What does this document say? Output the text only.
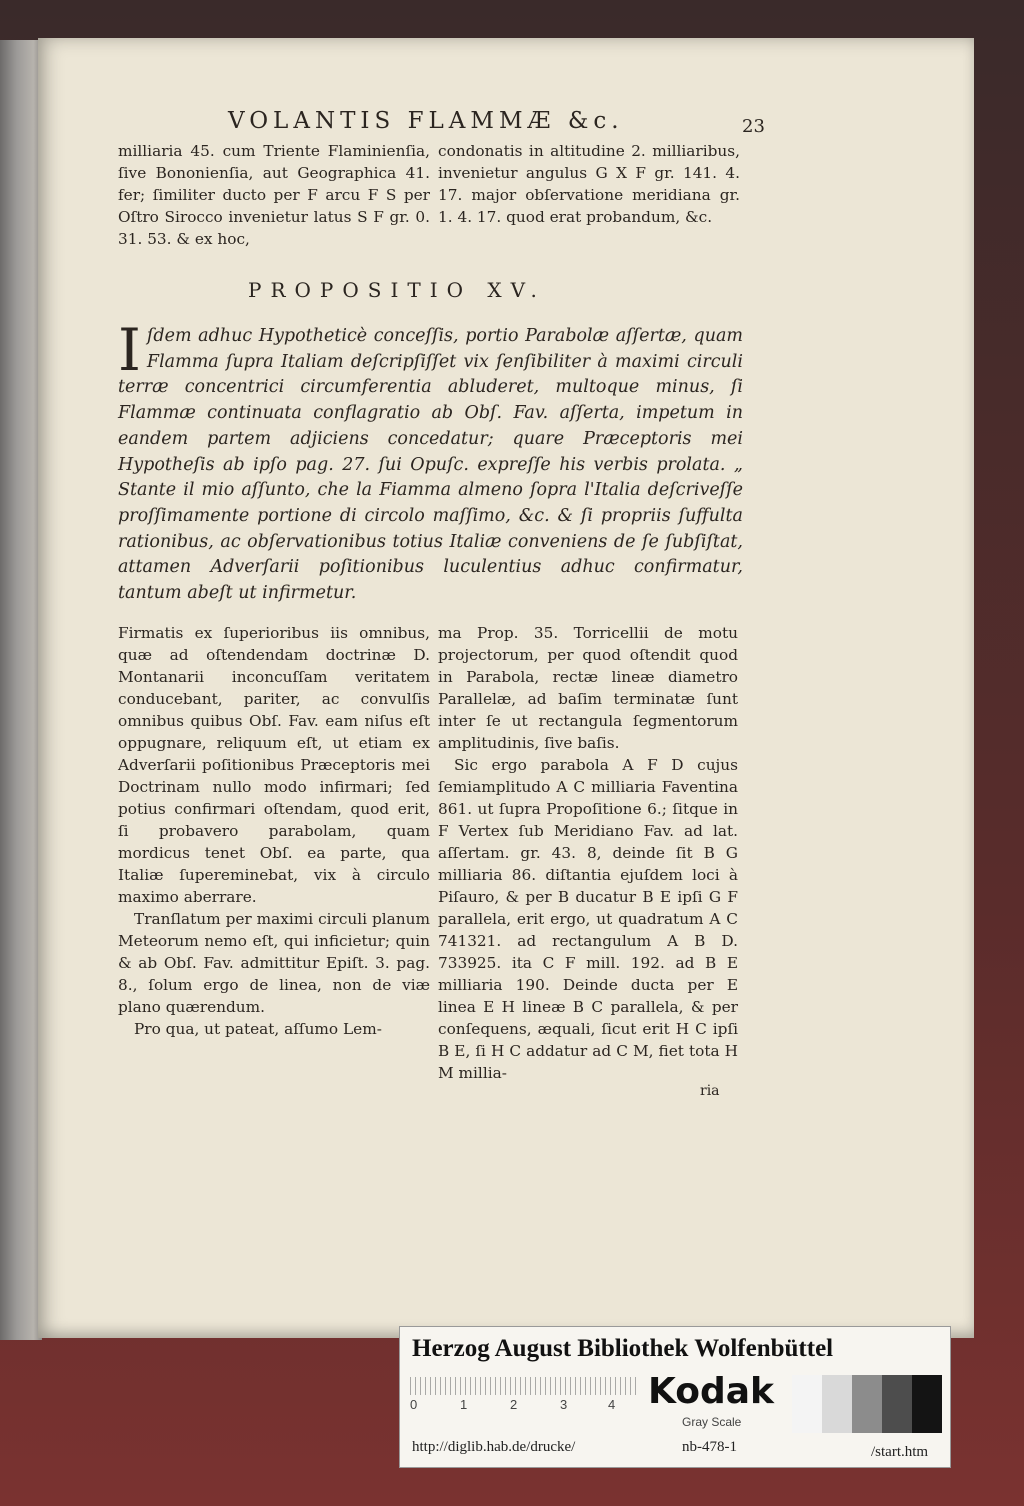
VOLANTIS FLAMMÆ &c.	23

milliaria 45. cum Triente Flaminienſia, ſive Bononienſia, aut Geographica 41. fer; ſimiliter ducto per F arcu F S per Oſtro Sirocco invenietur latus S F gr. 0. 31. 53. & ex hoc,

condonatis in altitudine 2. milliaribus, invenietur angulus G X F gr. 141. 4. 17. major obſervatione meridiana gr. 1. 4. 17. quod erat probandum, &c.

PROPOSITIO XV.
Iſdem adhuc Hypotheticè conceſſis, portio Parabolæ aſſertæ, quam Flamma ſupra Italiam deſcripſiſſet vix ſenſibiliter à maximi circuli terræ concentrici circumferentia abluderet, multoque minus, ſi Flammæ continuata conflagratio ab Obſ. Fav. aſſerta, impetum in eandem partem adjiciens concedatur; quare Præceptoris mei Hypotheſis ab ipſo pag. 27. ſui Opuſc. expreſſe his verbis prolata. „ Stante il mio aſſunto, che la Fiamma almeno ſopra l'Italia deſcriveſſe proſſimamente portione di circolo maſſimo, &c. & ſi propriis ſuffulta rationibus, ac obſervationibus totius Italiæ conveniens de ſe ſubſiſtat, attamen Adverſarii poſitionibus luculentius adhuc confirmatur, tantum abeſt ut infirmetur.

Firmatis ex ſuperioribus iis omnibus, quæ ad oſtendendam doctrinæ D. Montanarii inconcuſſam veritatem conducebant, pariter, ac convulſis omnibus quibus Obſ. Fav. eam niſus eſt oppugnare, reliquum eſt, ut etiam ex Adverſarii poſitionibus Præceptoris mei Doctrinam nullo modo infirmari; ſed potius confirmari oſtendam, quod erit, ſi probavero parabolam, quam mordicus tenet Obſ. ea parte, qua Italiæ ſupereminebat, vix à circulo maximo aberrare.

Tranſlatum per maximi circuli planum Meteorum nemo eſt, qui inficietur; quin & ab Obſ. Fav. admittitur Epiſt. 3. pag. 8., ſolum ergo de linea, non de viæ plano quærendum.

Pro qua, ut pateat, aſſumo Lem-

ma Prop. 35. Torricellii de motu projectorum, per quod oſtendit quod in Parabola, rectæ lineæ diametro Parallelæ, ad baſim terminatæ ſunt inter ſe ut rectangula ſegmentorum amplitudinis, ſive baſis.

Sic ergo parabola A F D cujus ſemiamplitudo A C milliaria Faventina 861. ut ſupra Propoſitione 6.; ſitque in F Vertex ſub Meridiano Fav. ad lat. aſſertam. gr. 43. 8, deinde ſit B G milliaria 86. diſtantia ejuſdem loci à Piſauro, & per B ducatur B E ipſi G F parallela, erit ergo, ut quadratum A C 741321. ad rectangulum A B D. 733925. ita C F mill. 192. ad B E milliaria 190. Deinde ducta per E linea E H lineæ B C parallela, & per conſequens, æquali, ſicut erit H C ipſi B E, ſi H C addatur ad C M, fiet tota H M millia-

ria
Herzog August Bibliothek Wolfenbüttel
0	1	2	3	4 Kodak
Gray Scale
http://diglib.hab.de/drucke/	nb-478-1	/start.htm
